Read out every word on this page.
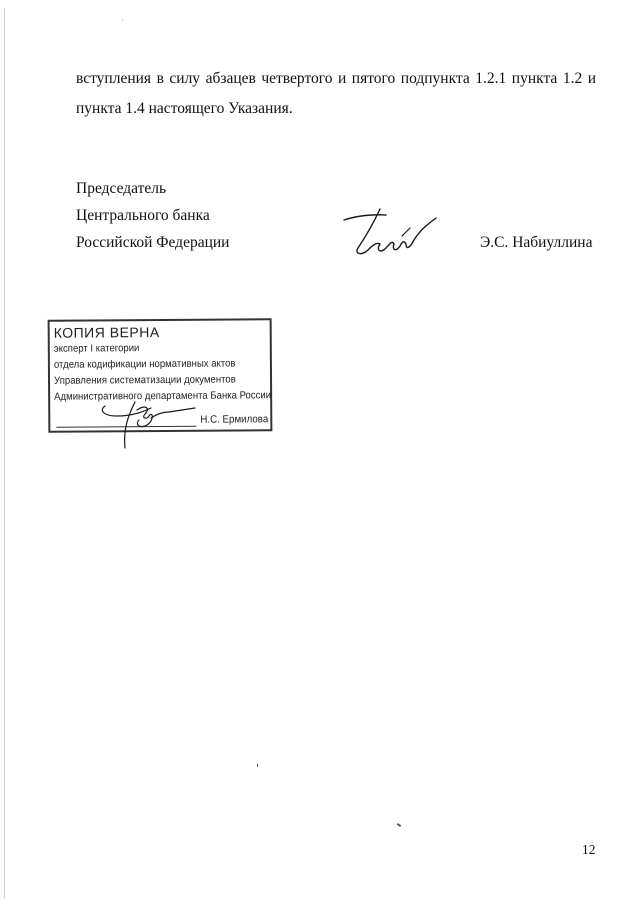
вступления в силу абзацев четвертого и пятого подпункта 1.2.1 пункта 1.2 и
пункта 1.4 настоящего Указания.

Председатель
Центрального банка
Российской Федерации	Э.С. Набиуллина
КОПИЯ ВЕРНА
эксперт I категории
отдела кодификации нормативных актов
Управления систематизации документов
Административного департамента Банка России
Н.С. Ермилова
12
